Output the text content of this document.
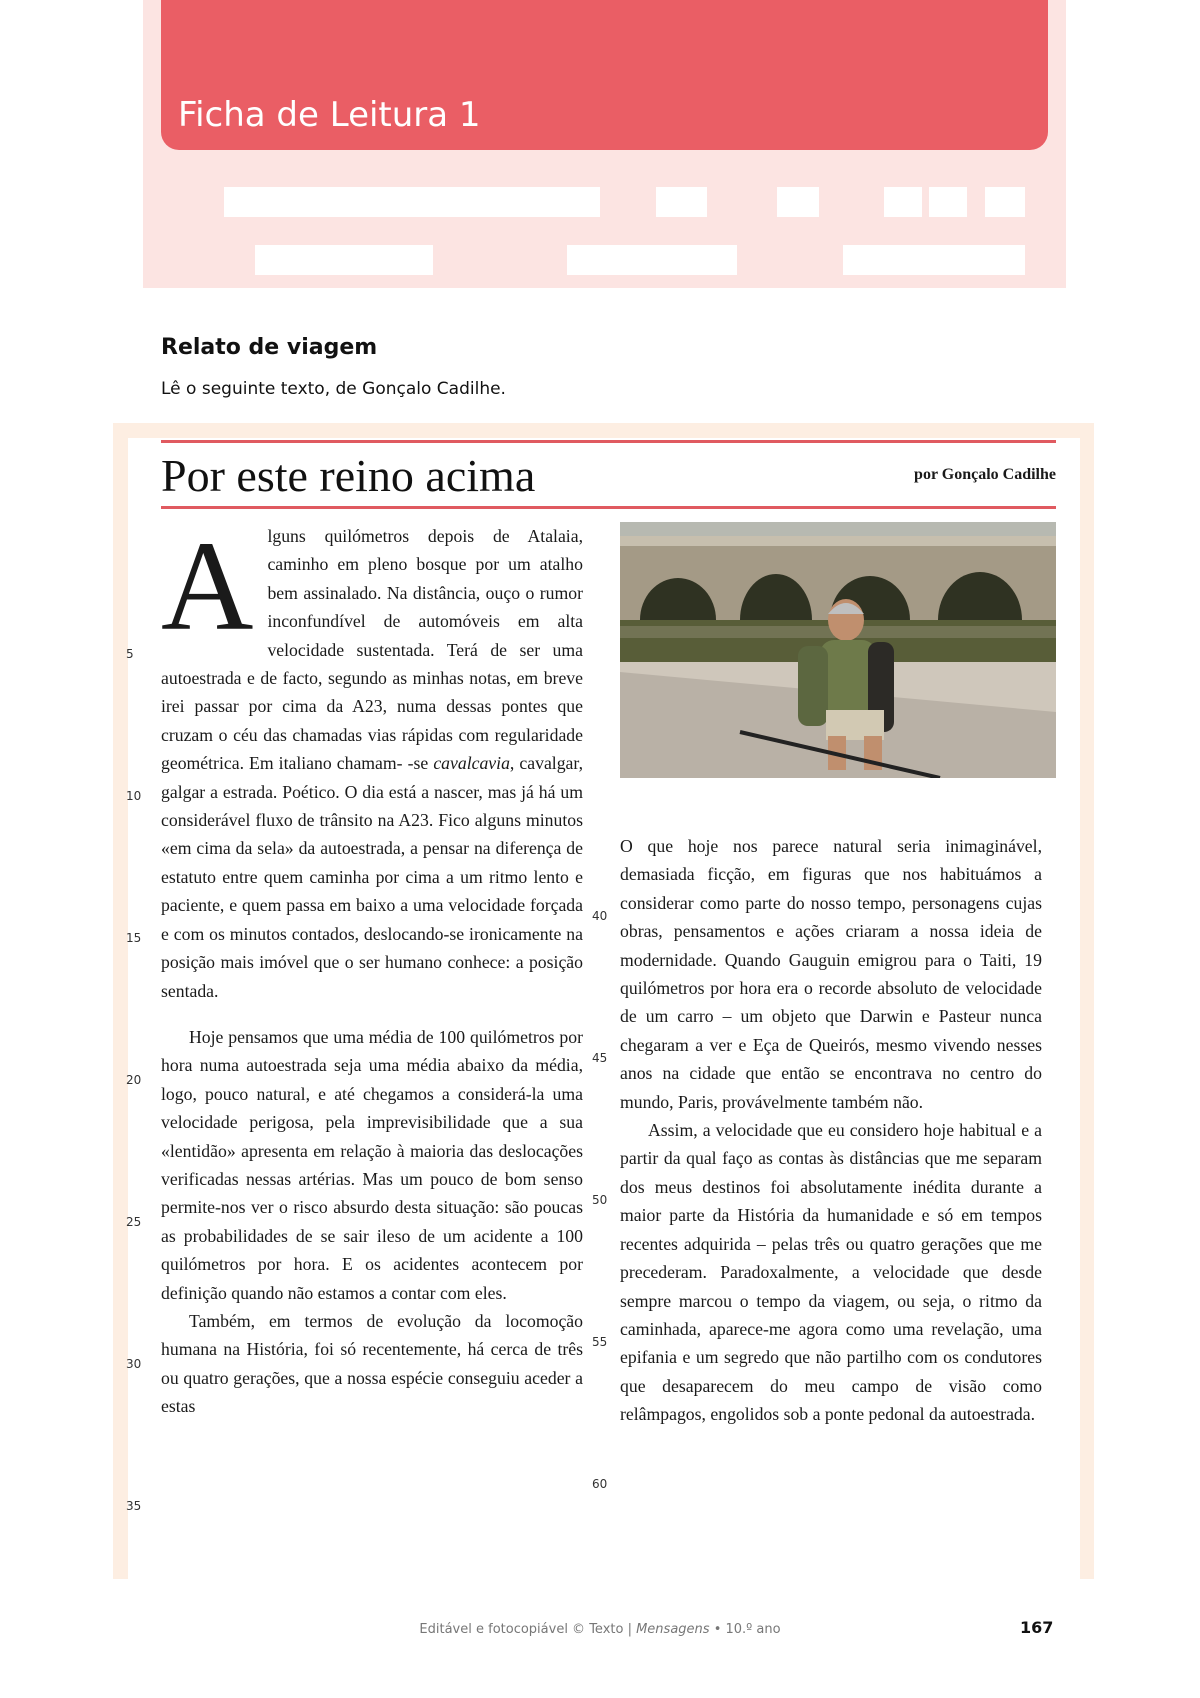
Ficha de Leitura 1
Relato de viagem
Lê o seguinte texto, de Gonçalo Cadilhe.
Por este reino acima	por Gonçalo Cadilhe

Alguns quilómetros depois de Atalaia, caminho em pleno bosque por um atalho bem assinalado. Na distância, ouço o rumor inconfundível de automóveis em alta velocidade sustentada. Terá de ser uma autoestrada e de facto, segundo as minhas notas, em breve irei passar por cima da A23, numa dessas pontes que cruzam o céu das chamadas vias rápidas com regularidade geométrica. Em italiano chamam- -se cavalcavia, cavalgar, galgar a estrada. Poético. O dia está a nascer, mas já há um considerável fluxo de trânsito na A23. Fico alguns minutos «em cima da sela» da autoestrada, a pensar na diferença de estatuto entre quem caminha por cima a um ritmo lento e paciente, e quem passa em baixo a uma velocidade forçada e com os minutos contados, deslocando-se ironicamente na posição mais imóvel que o ser humano conhece: a posição sentada.

Hoje pensamos que uma média de 100 quilómetros por hora numa autoestrada seja uma média abaixo da média, logo, pouco natural, e até chegamos a considerá-la uma velocidade perigosa, pela imprevisibilidade que a sua «lentidão» apresenta em relação à maioria das deslocações verificadas nessas artérias. Mas um pouco de bom senso permite-nos ver o risco absurdo desta situação: são poucas as probabilidades de se sair ileso de um acidente a 100 quilómetros por hora. E os acidentes acontecem por definição quando não estamos a contar com eles.

Também, em termos de evolução da locomoção humana na História, foi só recentemente, há cerca de três ou quatro gerações, que a nossa espécie conseguiu aceder a estas

5
10
15
20
25
30
35

O que hoje nos parece natural seria inimaginável, demasiada ficção, em figuras que nos habituámos a considerar como parte do nosso tempo, personagens cujas obras, pensamentos e ações criaram a nossa ideia de modernidade. Quando Gauguin emigrou para o Taiti, 19 quilómetros por hora era o recorde absoluto de velocidade de um carro – um objeto que Darwin e Pasteur nunca chegaram a ver e Eça de Queirós, mesmo vivendo nesses anos na cidade que então se encontrava no centro do mundo, Paris, provávelmente também não.

Assim, a velocidade que eu considero hoje habitual e a partir da qual faço as contas às distâncias que me separam dos meus destinos foi absolutamente inédita durante a maior parte da História da humanidade e só em tempos recentes adquirida – pelas três ou quatro gerações que me precederam. Paradoxalmente, a velocidade que desde sempre marcou o tempo da viagem, ou seja, o ritmo da caminhada, aparece-me agora como uma revelação, uma epifania e um segredo que não partilho com os condutores que desaparecem do meu campo de visão como relâmpagos, engolidos sob a ponte pedonal da autoestrada.

40
45
50
55
60
Editável e fotocopiável © Texto | Mensagens • 10.º ano	167
